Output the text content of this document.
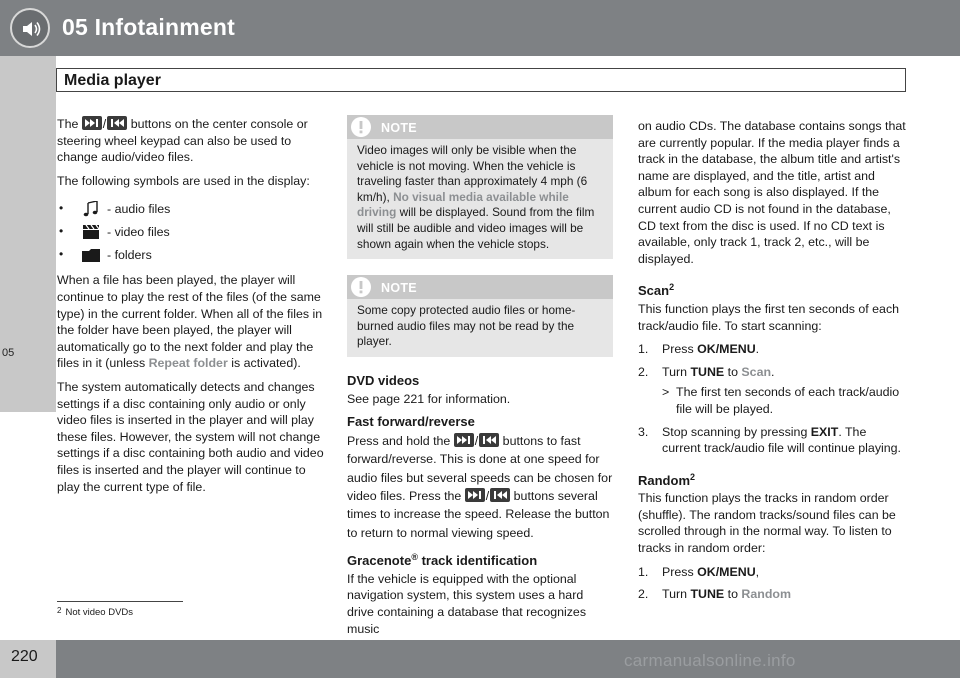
05 Infotainment
Media player
05

The
/
buttons on the center console or steering wheel keypad can also be used to change audio/video files.

The following symbols are used in the display:

•	- audio files
•	- video files
•	- folders

When a file has been played, the player will continue to play the rest of the files (of the same type) in the current folder. When all of the files in the folder have been played, the player will automatically go to the next folder and play the files in it (unless Repeat folder is activated).

The system automatically detects and changes settings if a disc containing only audio or only video files is inserted in the player and will play these files. However, the system will not change settings if a disc containing both audio and video files is inserted and the player will continue to play the current type of file.

NOTE
Video images will only be visible when the vehicle is not moving. When the vehicle is traveling faster than approximately 4 mph (6 km/h), No visual media available while driving will be displayed. Sound from the film will still be audible and video images will be shown again when the vehicle stops.
NOTE
Some copy protected audio files or home-burned audio files may not be read by the player.
DVD videos

See page 221 for information.

Fast forward/reverse

Press and hold the
/
buttons to fast forward/reverse. This is done at one speed for audio files but several speeds can be chosen for video files. Press the
/
buttons several times to increase the speed. Release the button to return to normal viewing speed.

Gracenote® track identification

If the vehicle is equipped with the optional navigation system, this system uses a hard drive containing a database that recognizes music

on audio CDs. The database contains songs that are currently popular. If the media player finds a track in the database, the album title and artist's name are displayed, and the title, artist and album for each song is also displayed. If the current audio CD is not found in the database, CD text from the disc is used. If no CD text is available, only track 1, track 2, etc., will be displayed.

Scan$^2$

This function plays the first ten seconds of each track/audio file. To start scanning:

1. Press OK/MENU.
2. Turn TUNE to Scan.
> The first ten seconds of each track/audio file will be played.
3. Stop scanning by pressing EXIT. The current track/audio file will continue playing.
Random$^2$

This function plays the tracks in random order (shuffle). The random tracks/sound files can be scrolled through in the normal way. To listen to tracks in random order:

1. Press OK/MENU,
2. Turn TUNE to Random
$^2$ Not video DVDs
220	carmanualsonline.info
